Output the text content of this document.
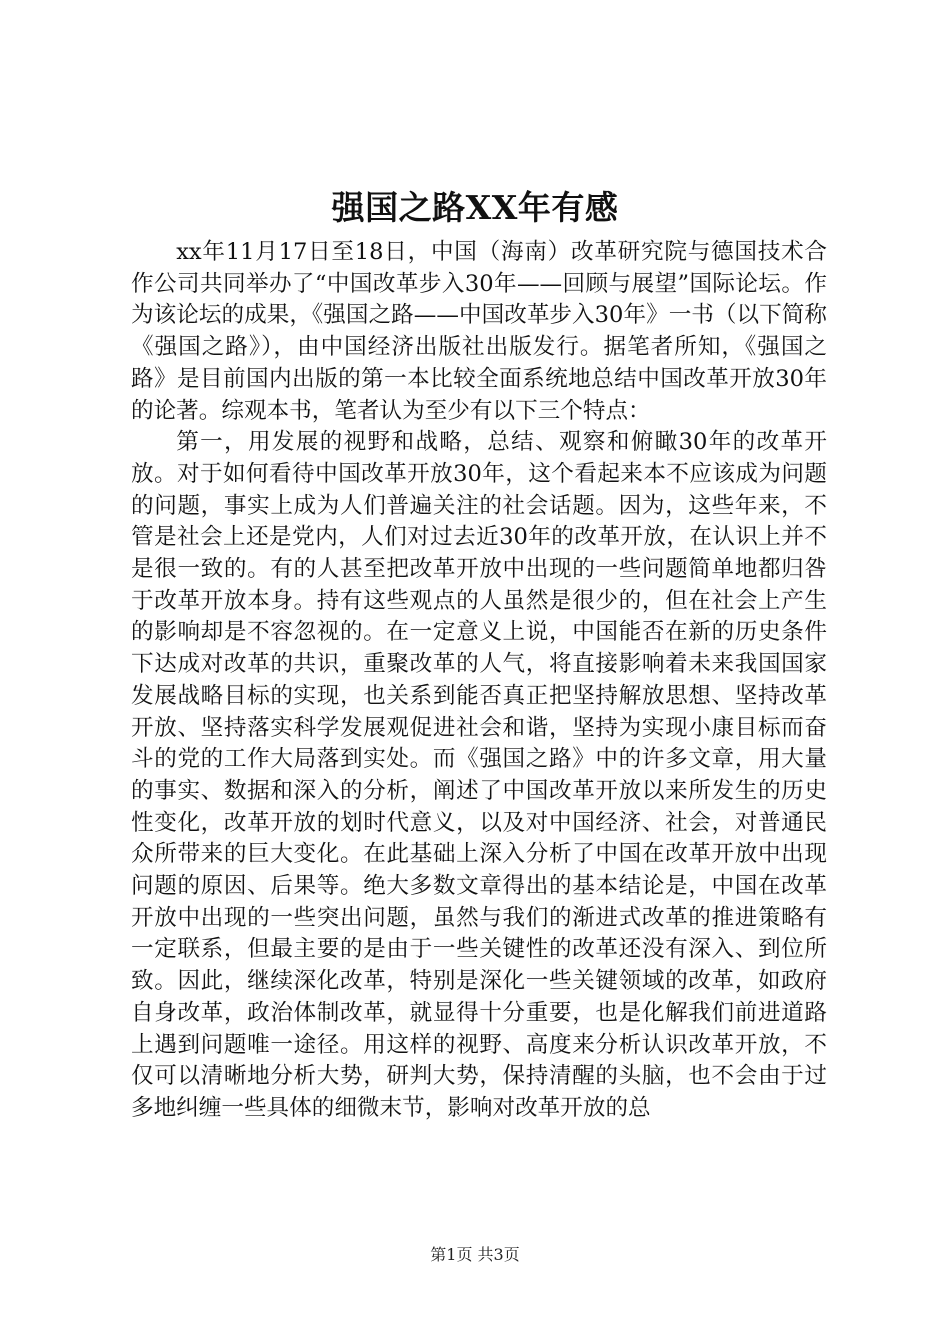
强国之路XX年有感

xx年11月17日至18日，中国（海南）改革研究院与德国技术合作公司共同举办了“中国改革步入30年——回顾与展望”国际论坛。作为该论坛的成果，《强国之路——中国改革步入30年》一书（以下简称《强国之路》），由中国经济出版社出版发行。据笔者所知，《强国之路》是目前国内出版的第一本比较全面系统地总结中国改革开放30年的论著。综观本书，笔者认为至少有以下三个特点：

第一，用发展的视野和战略，总结、观察和俯瞰30年的改革开放。对于如何看待中国改革开放30年，这个看起来本不应该成为问题的问题，事实上成为人们普遍关注的社会话题。因为，这些年来，不管是社会上还是党内，人们对过去近30年的改革开放，在认识上并不是很一致的。有的人甚至把改革开放中出现的一些问题简单地都归咎于改革开放本身。持有这些观点的人虽然是很少的，但在社会上产生的影响却是不容忽视的。在一定意义上说，中国能否在新的历史条件下达成对改革的共识，重聚改革的人气，将直接影响着未来我国国家发展战略目标的实现，也关系到能否真正把坚持解放思想、坚持改革开放、坚持落实科学发展观促进社会和谐，坚持为实现小康目标而奋斗的党的工作大局落到实处。而《强国之路》中的许多文章，用大量的事实、数据和深入的分析，阐述了中国改革开放以来所发生的历史性变化，改革开放的划时代意义，以及对中国经济、社会，对普通民众所带来的巨大变化。在此基础上深入分析了中国在改革开放中出现问题的原因、后果等。绝大多数文章得出的基本结论是，中国在改革开放中出现的一些突出问题，虽然与我们的渐进式改革的推进策略有一定联系，但最主要的是由于一些关键性的改革还没有深入、到位所致。因此，继续深化改革，特别是深化一些关键领域的改革，如政府自身改革，政治体制改革，就显得十分重要，也是化解我们前进道路上遇到问题唯一途径。用这样的视野、高度来分析认识改革开放，不仅可以清晰地分析大势，研判大势，保持清醒的头脑，也不会由于过多地纠缠一些具体的细微末节，影响对改革开放的总

第1页 共3页
